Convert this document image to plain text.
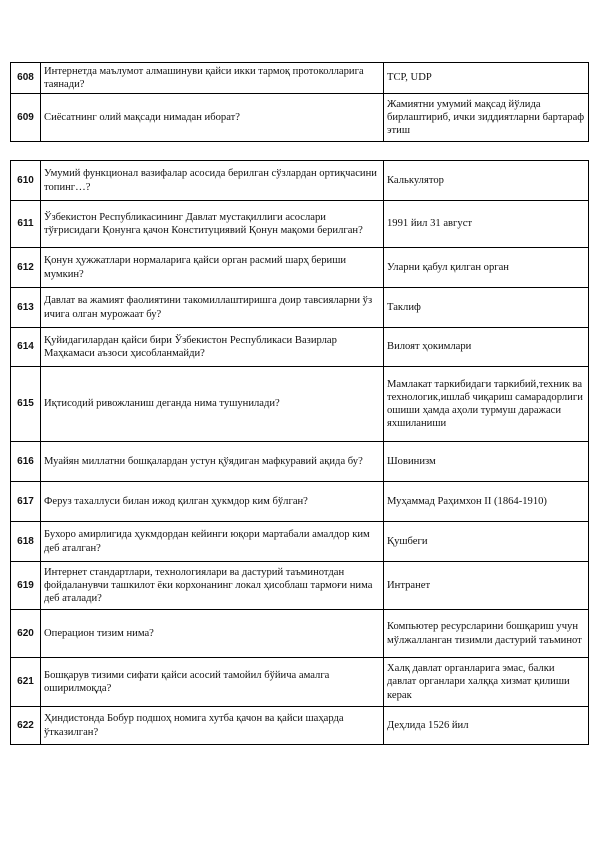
608	Интернетда маълумот алмашинуви қайси икки тармоқ протоколларига таянади?	TCP, UDP
609	Сиёсатнинг олий мақсади нимадан иборат?	Жамиятни умумий мақсад йўлида бирлаштириб, ички зиддиятларни бартараф этиш
610	Умумий функционал вазифалар асосида берилган сўзлардан ортиқчасини топинг…?	Калькулятор
611	Ўзбекистон Республикасининг Давлат мустақиллиги асослари тўғрисидаги Қонунга қачон Конституциявий Қонун мақоми берилган?	1991 йил 31 август
612	Қонун ҳужжатлари нормаларига қайси орган расмий шарҳ бериши мумкин?	Уларни қабул қилган орган
613	Давлат ва жамият фаолиятини такомиллаштиришга доир тавсияларни ўз ичига олган мурожаат бу?	Таклиф
614	Қуйидагилардан қайси бири Ўзбекистон Республикаси Вазирлар Маҳкамаси аъзоси ҳисобланмайди?	Вилоят ҳокимлари
615	Иқтисодий ривожланиш деганда нима тушунилади?	Мамлакат таркибидаги таркибий,техник ва технологик,ишлаб чиқариш самарадорлиги ошиши ҳамда аҳоли турмуш даражаси яхшиланиши
616	Муайян миллатни бошқалардан устун қўядиган мафкуравий ақида бу?	Шовинизм
617	Феруз тахаллуси билан ижод қилган ҳукмдор ким бўлган?	Муҳаммад Раҳимхон II (1864-1910)
618	Бухоро амирлигида ҳукмдордан кейинги юқори мартабали амалдор ким деб аталган?	Қушбеги
619	Интернет стандартлари, технологиялари ва дастурий таъминотдан фойдаланувчи ташкилот ёки корхонанинг локал ҳисоблаш тармоғи нима деб аталади?	Интранет
620	Операцион тизим нима?	Компьютер ресурсларини бошқариш учун мўлжалланган тизимли дастурий таъминот
621	Бошқарув тизими сифати қайси асосий тамойил бўйича амалга оширилмоқда?	Халқ давлат органларига эмас, балки давлат органлари халққа хизмат қилиши керак
622	Ҳиндистонда Бобур подшоҳ номига хутба қачон ва қайси шаҳарда ўтказилган?	Деҳлида 1526 йил
